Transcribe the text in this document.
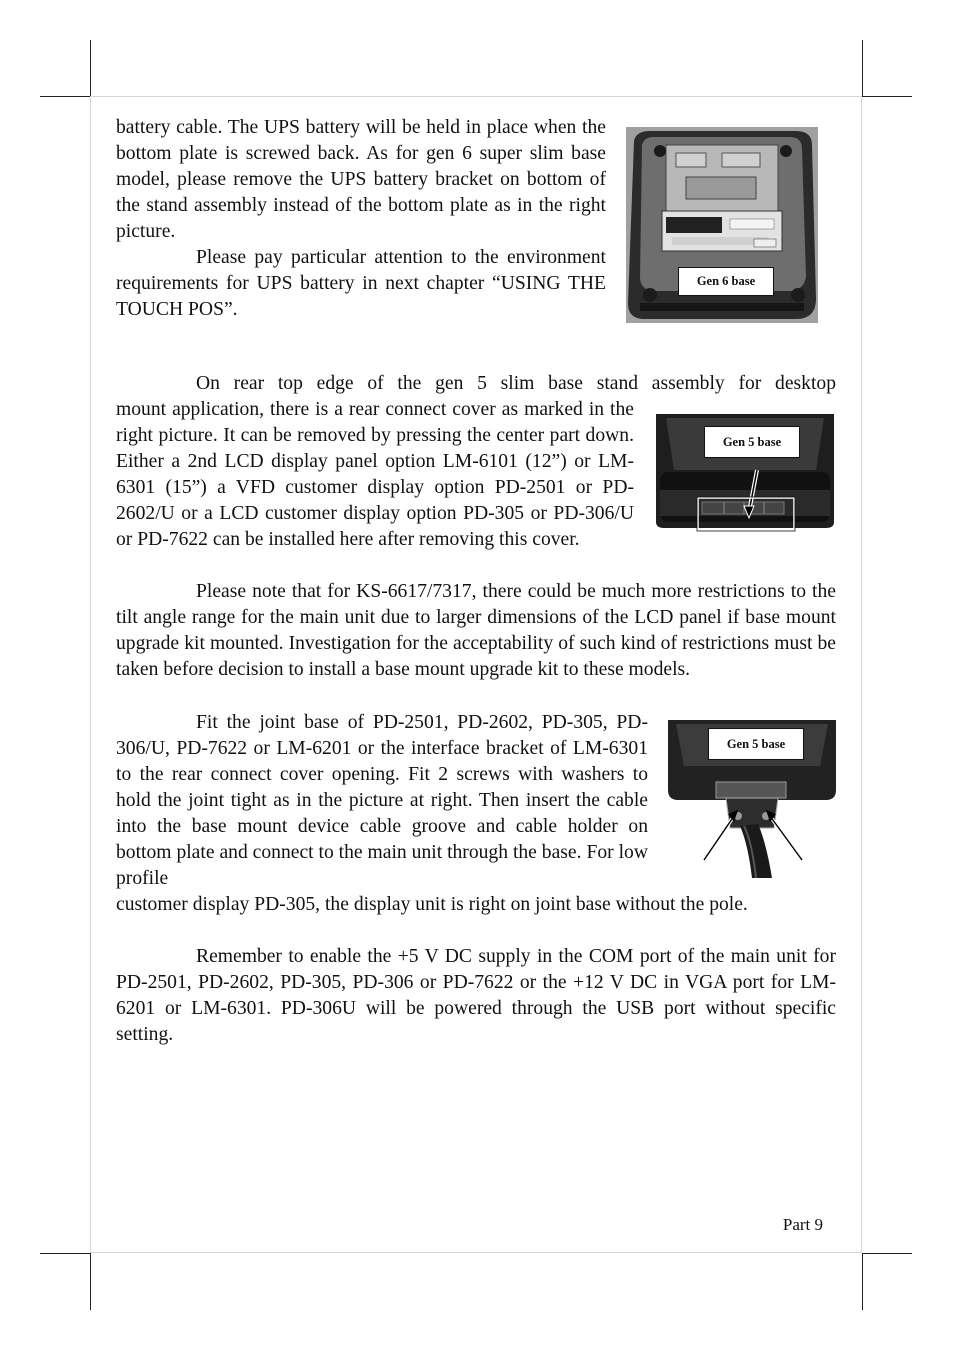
battery cable. The UPS battery will be held in place when the bottom plate is screwed back. As for gen 6 super slim base model, please remove the UPS battery bracket on bottom of the stand assembly instead of the bottom plate as in the right picture.

Please pay particular attention to the environment requirements for UPS battery in next chapter “USING THE TOUCH POS”.

Gen 6 base

On rear top edge of the gen 5 slim base stand assembly for desktop

mount application, there is a rear connect cover as marked in the right picture. It can be removed by pressing the center part down. Either a 2nd LCD display panel option LM-6101 (12”) or LM-6301 (15”) a VFD customer display option PD-2501 or PD-2602/U or a LCD customer display option PD-305 or PD-306/U or PD-7622 can be installed here after removing this cover.

Gen 5 base

Please note that for KS-6617/7317, there could be much more restrictions to the tilt angle range for the main unit due to larger dimensions of the LCD panel if base mount upgrade kit mounted. Investigation for the acceptability of such kind of restrictions must be taken before decision to install a base mount upgrade kit to these models.

Fit the joint base of PD-2501, PD-2602, PD-305, PD-306/U, PD-7622 or LM-6201 or the interface bracket of LM-6301 to the rear connect cover opening. Fit 2 screws with washers to hold the joint tight as in the picture at right. Then insert the cable into the base mount device cable groove and cable holder on bottom plate and connect to the main unit through the base. For low profile

customer display PD-305, the display unit is right on joint base without the pole.

Gen 5 base

Remember to enable the +5 V DC supply in the COM port of the main unit for PD-2501, PD-2602, PD-305, PD-306 or PD-7622 or the +12 V DC in VGA port for LM-6201 or LM-6301. PD-306U will be powered through the USB port without specific setting.

Part 9
